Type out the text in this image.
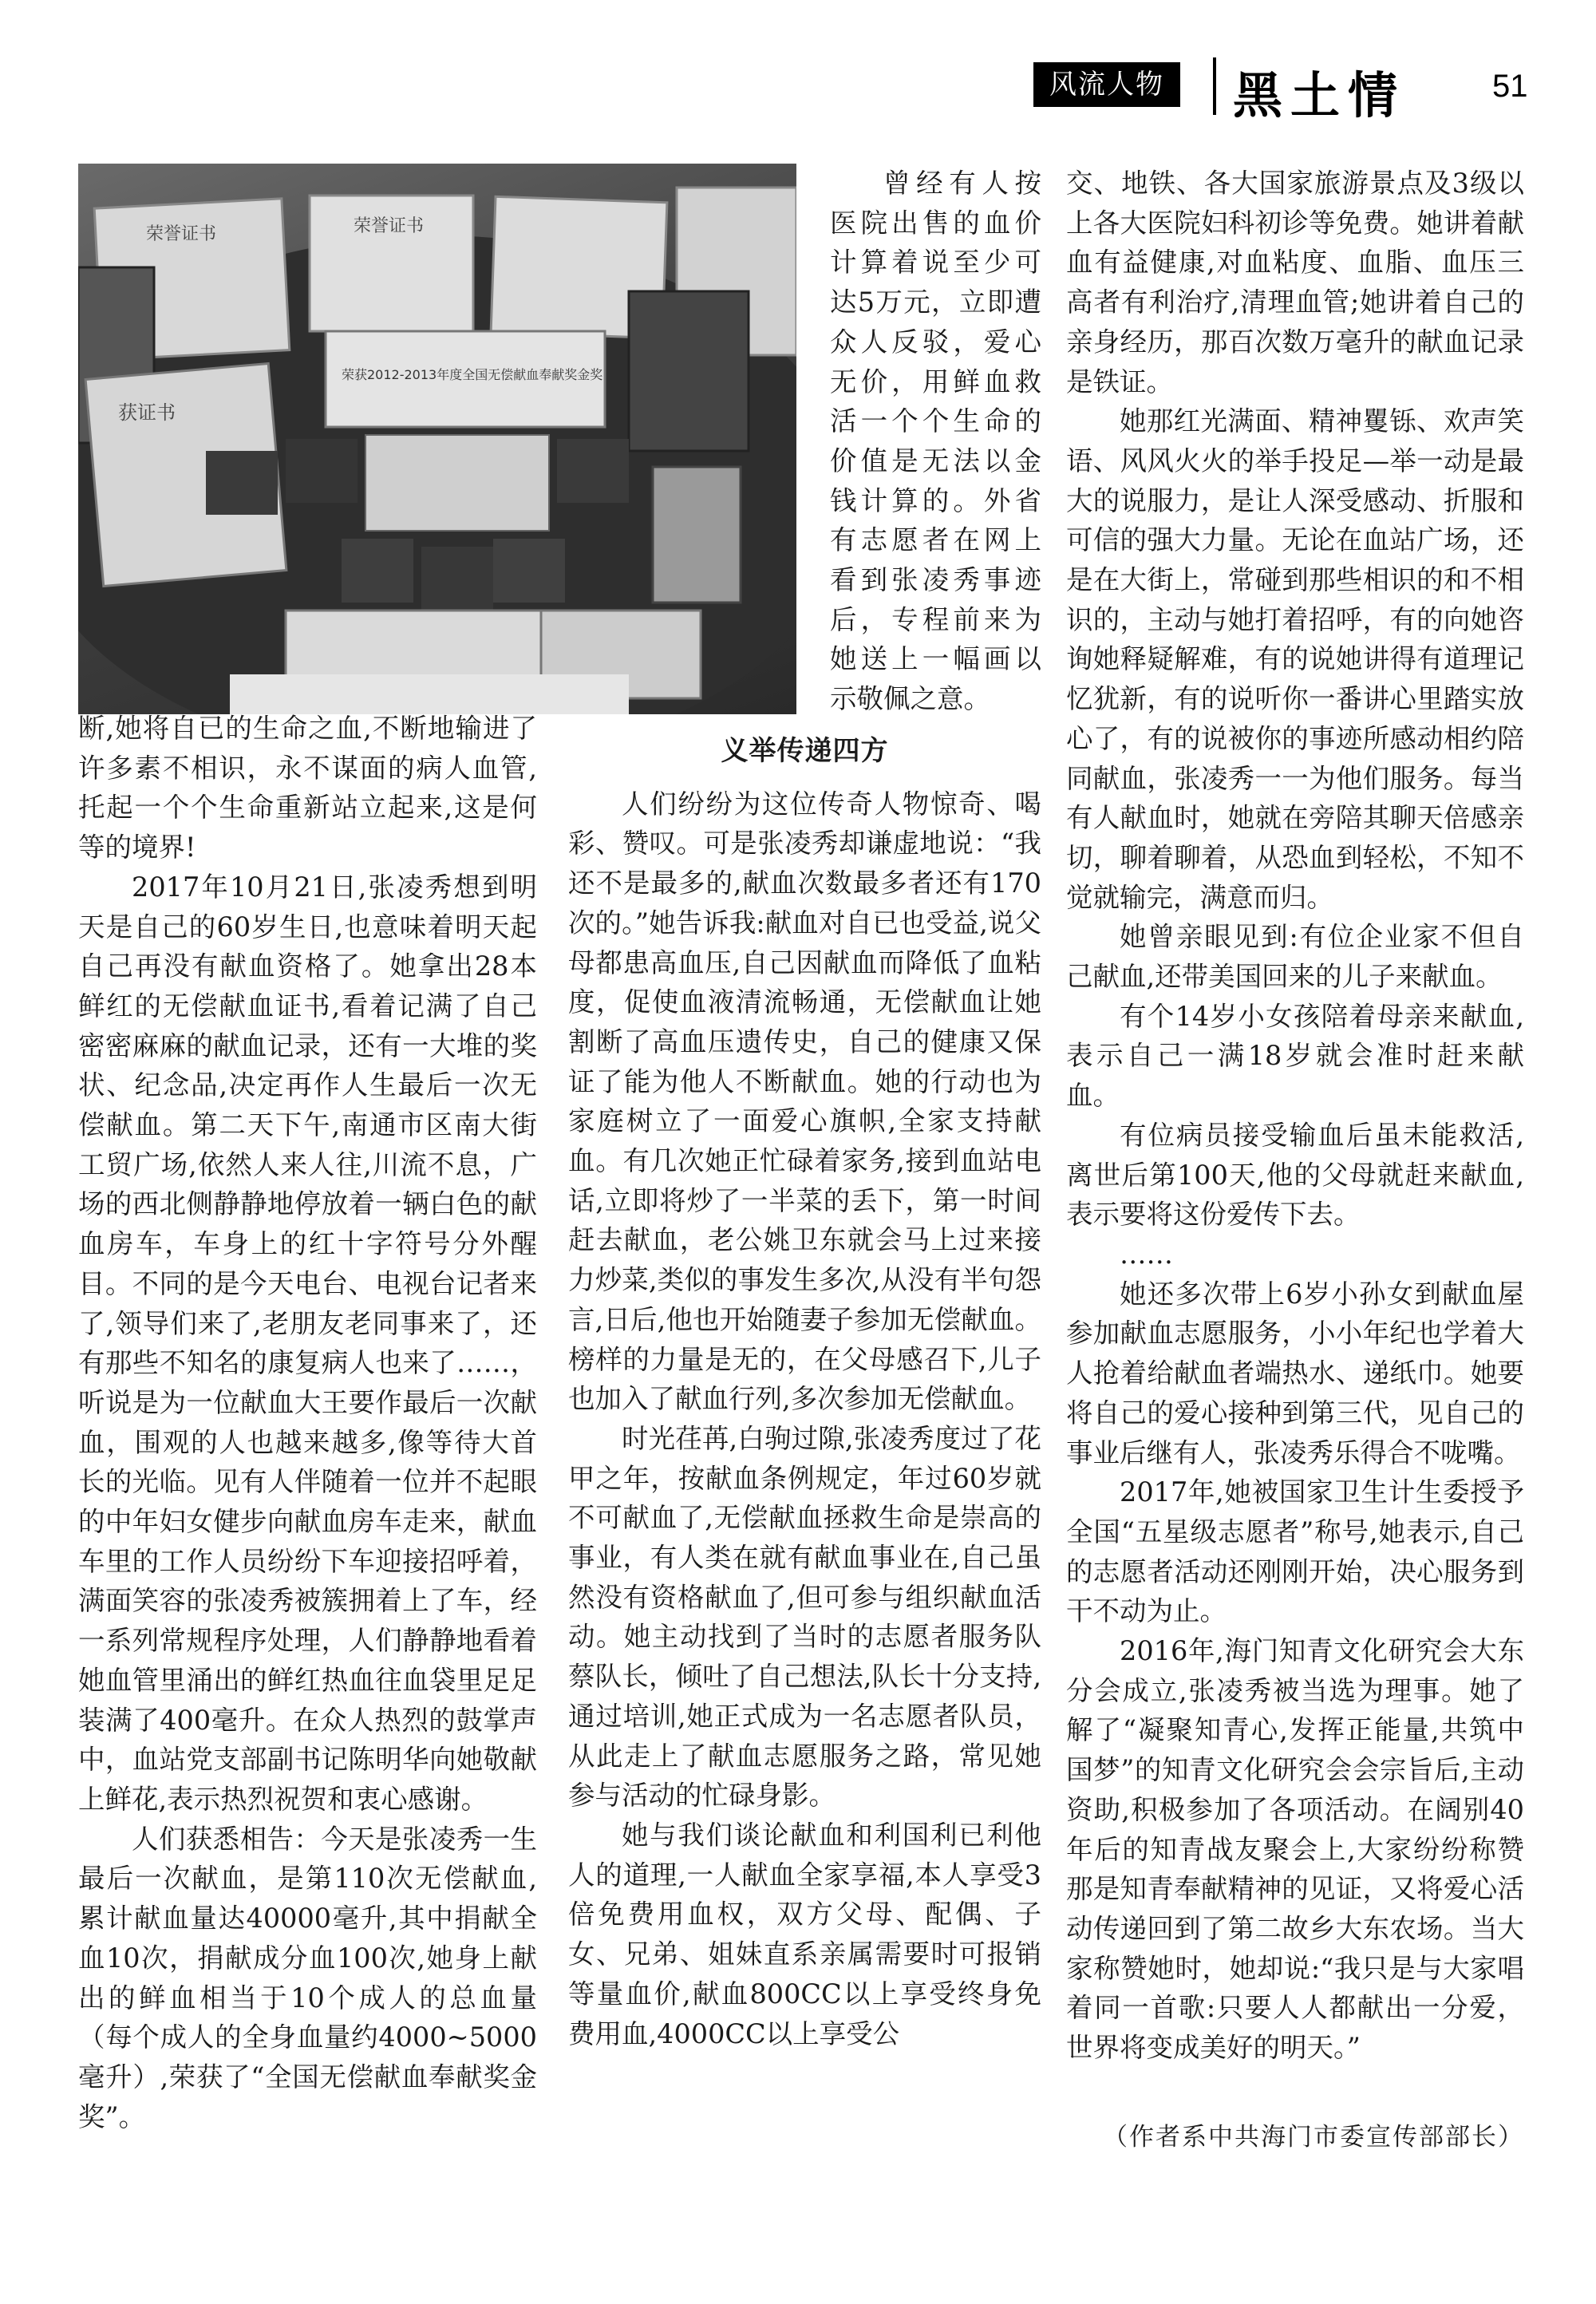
风流人物	黑土情	51
荣誉证书	荣誉证书
获证书
荣获2012-2013年度全国无偿献血奉献奖金奖

曾经有人按医院出售的血价计算着说至少可达5万元，立即遭众人反驳，爱心无价，用鲜血救活一个个生命的价值是无法以金钱计算的。外省有志愿者在网上看到张凌秀事迹后，专程前来为她送上一幅画以示敬佩之意。

断,她将自已的生命之血,不断地输进了许多素不相识，永不谋面的病人血管,托起一个个生命重新站立起来,这是何等的境界!

2017年10月21日,张凌秀想到明天是自己的60岁生日,也意味着明天起自己再没有献血资格了。她拿出28本鲜红的无偿献血证书,看着记满了自己密密麻麻的献血记录，还有一大堆的奖状、纪念品,决定再作人生最后一次无偿献血。第二天下午,南通市区南大街工贸广场,依然人来人往,川流不息，广场的西北侧静静地停放着一辆白色的献血房车，车身上的红十字符号分外醒目。不同的是今天电台、电视台记者来了,领导们来了,老朋友老同事来了，还有那些不知名的康复病人也来了……，听说是为一位献血大王要作最后一次献血，围观的人也越来越多,像等待大首长的光临。见有人伴随着一位并不起眼的中年妇女健步向献血房车走来，献血车里的工作人员纷纷下车迎接招呼着，满面笑容的张凌秀被簇拥着上了车，经一系列常规程序处理，人们静静地看着她血管里涌出的鲜红热血往血袋里足足装满了400毫升。在众人热烈的鼓掌声中，血站党支部副书记陈明华向她敬献上鲜花,表示热烈祝贺和衷心感谢。

人们获悉相告：今天是张凌秀一生最后一次献血，是第110次无偿献血,累计献血量达40000毫升,其中捐献全血10次，捐献成分血100次,她身上献出的鲜血相当于10个成人的总血量（每个成人的全身血量约4000~5000毫升）,荣获了“全国无偿献血奉献奖金奖”。

义举传递四方

人们纷纷为这位传奇人物惊奇、喝彩、赞叹。可是张凌秀却谦虚地说：“我还不是最多的,献血次数最多者还有170次的。”她告诉我:献血对自已也受益,说父母都患高血压,自己因献血而降低了血粘度，促使血液清流畅通，无偿献血让她割断了高血压遗传史，自己的健康又保证了能为他人不断献血。她的行动也为家庭树立了一面爱心旗帜,全家支持献血。有几次她正忙碌着家务,接到血站电话,立即将炒了一半菜的丢下，第一时间赶去献血，老公姚卫东就会马上过来接力炒菜,类似的事发生多次,从没有半句怨言,日后,他也开始随妻子参加无偿献血。榜样的力量是无的，在父母感召下,儿子也加入了献血行列,多次参加无偿献血。

时光荏苒,白驹过隙,张凌秀度过了花甲之年，按献血条例规定，年过60岁就不可献血了,无偿献血拯救生命是崇高的事业，有人类在就有献血事业在,自己虽然没有资格献血了,但可参与组织献血活动。她主动找到了当时的志愿者服务队蔡队长，倾吐了自己想法,队长十分支持,通过培训,她正式成为一名志愿者队员，从此走上了献血志愿服务之路，常见她参与活动的忙碌身影。

她与我们谈论献血和利国利已利他人的道理,一人献血全家享福,本人享受3倍免费用血权，双方父母、配偶、子女、兄弟、姐妹直系亲属需要时可报销等量血价,献血800CC以上享受终身免费用血,4000CC以上享受公

交、地铁、各大国家旅游景点及3级以上各大医院妇科初诊等免费。她讲着献血有益健康,对血粘度、血脂、血压三高者有利治疗,清理血管;她讲着自己的亲身经历，那百次数万毫升的献血记录是铁证。

她那红光满面、精神矍铄、欢声笑语、风风火火的举手投足—举一动是最大的说服力，是让人深受感动、折服和可信的强大力量。无论在血站广场，还是在大街上，常碰到那些相识的和不相识的，主动与她打着招呼，有的向她咨询她释疑解难，有的说她讲得有道理记忆犹新，有的说听你一番讲心里踏实放心了，有的说被你的事迹所感动相约陪同献血，张凌秀一一为他们服务。每当有人献血时，她就在旁陪其聊天倍感亲切，聊着聊着，从恐血到轻松，不知不觉就输完，满意而归。

她曾亲眼见到:有位企业家不但自己献血,还带美国回来的儿子来献血。

有个14岁小女孩陪着母亲来献血,表示自己一满18岁就会准时赶来献血。

有位病员接受输血后虽未能救活,离世后第100天,他的父母就赶来献血,表示要将这份爱传下去。

……

她还多次带上6岁小孙女到献血屋参加献血志愿服务，小小年纪也学着大人抢着给献血者端热水、递纸巾。她要将自己的爱心接种到第三代，见自己的事业后继有人，张凌秀乐得合不咙嘴。

2017年,她被国家卫生计生委授予全国“五星级志愿者”称号,她表示,自己的志愿者活动还刚刚开始，决心服务到干不动为止。

2016年,海门知青文化研究会大东分会成立,张凌秀被当选为理事。她了解了“凝聚知青心,发挥正能量,共筑中国梦”的知青文化研究会会宗旨后,主动资助,积极参加了各项活动。在阔别40年后的知青战友聚会上,大家纷纷称赞那是知青奉献精神的见证，又将爱心活动传递回到了第二故乡大东农场。当大家称赞她时，她却说:“我只是与大家唱着同一首歌:只要人人都献出一分爱，世界将变成美好的明天。”

（作者系中共海门市委宣传部部长）
